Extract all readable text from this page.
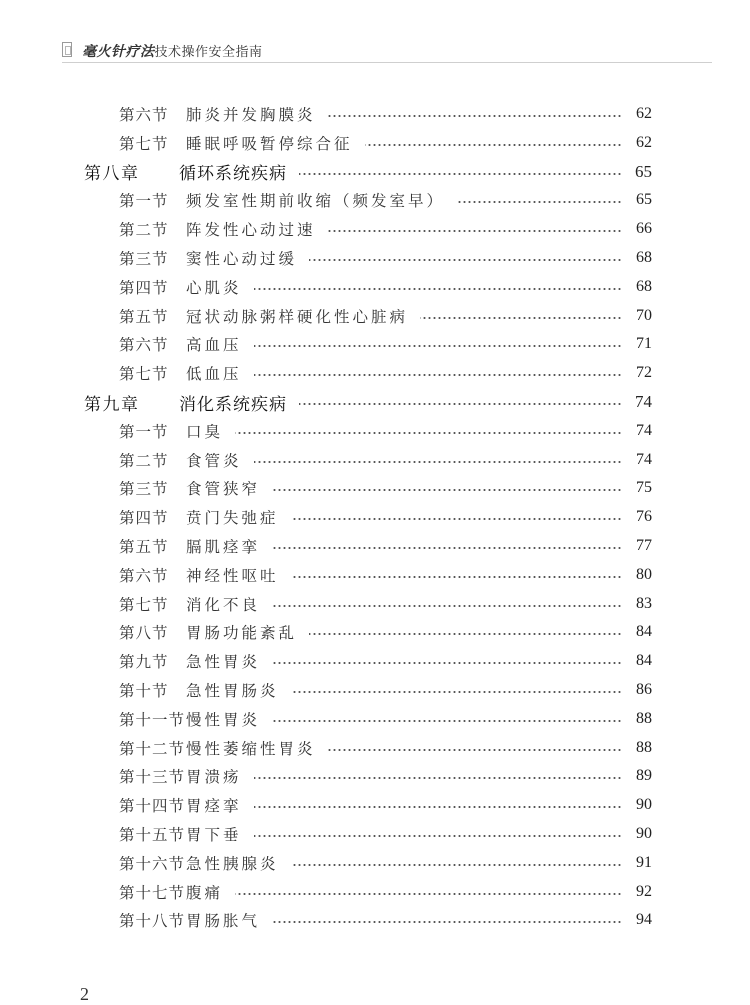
毫火针疗法技术操作安全指南
第六节 肺炎并发胸膜炎	62
第七节 睡眠呼吸暂停综合征	62
第八章 循环系统疾病	65
第一节 频发室性期前收缩（频发室早）	65
第二节 阵发性心动过速	66
第三节 窦性心动过缓	68
第四节 心肌炎	68
第五节 冠状动脉粥样硬化性心脏病	70
第六节 高血压	71
第七节 低血压	72
第九章 消化系统疾病	74
第一节 口臭	74
第二节 食管炎	74
第三节 食管狭窄	75
第四节 贲门失弛症	76
第五节 膈肌痉挛	77
第六节 神经性呕吐	80
第七节 消化不良	83
第八节 胃肠功能紊乱	84
第九节 急性胃炎	84
第十节 急性胃肠炎	86
第十一节 慢性胃炎	88
第十二节 慢性萎缩性胃炎	88
第十三节 胃溃疡	89
第十四节 胃痉挛	90
第十五节 胃下垂	90
第十六节 急性胰腺炎	91
第十七节 腹痛	92
第十八节 胃肠胀气	94
2
